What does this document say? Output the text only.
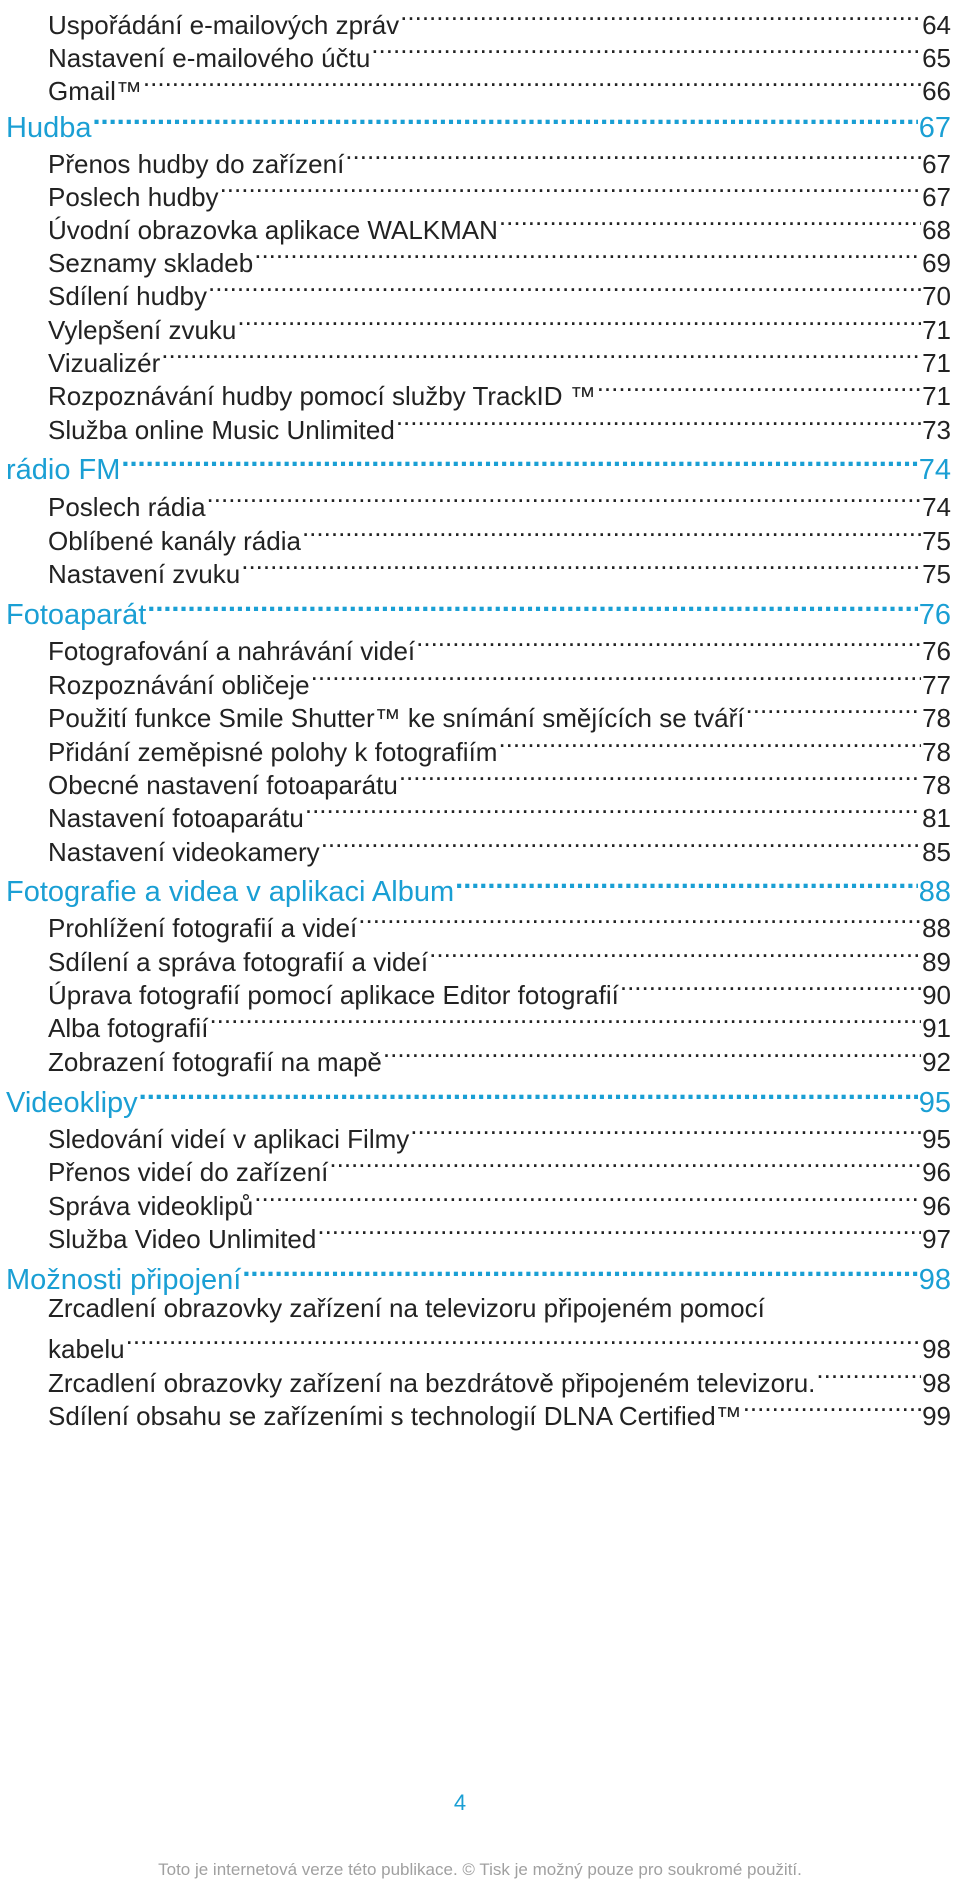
Uspořádání e-mailových zpráv .....	64
Nastavení e-mailového účtu .....	65
Gmail™ .....	66
Hudba .....	67
Přenos hudby do zařízení .....	67
Poslech hudby .....	67
Úvodní obrazovka aplikace WALKMAN .....	68
Seznamy skladeb .....	69
Sdílení hudby .....	70
Vylepšení zvuku .....	71
Vizualizér .....	71
Rozpoznávání hudby pomocí služby TrackID ™ .....	71
Služba online Music Unlimited .....	73
rádio FM .....	74
Poslech rádia .....	74
Oblíbené kanály rádia .....	75
Nastavení zvuku .....	75
Fotoaparát .....	76
Fotografování a nahrávání videí .....	76
Rozpoznávání obličeje .....	77
Použití funkce Smile Shutter™ ke snímání smějících se tváří .....	78
Přidání zeměpisné polohy k fotografiím .....	78
Obecné nastavení fotoaparátu .....	78
Nastavení fotoaparátu .....	81
Nastavení videokamery .....	85
Fotografie a videa v aplikaci Album .....	88
Prohlížení fotografií a videí .....	88
Sdílení a správa fotografií a videí .....	89
Úprava fotografií pomocí aplikace Editor fotografií .....	90
Alba fotografií .....	91
Zobrazení fotografií na mapě .....	92
Videoklipy .....	95
Sledování videí v aplikaci Filmy .....	95
Přenos videí do zařízení .....	96
Správa videoklipů .....	96
Služba Video Unlimited .....	97
Možnosti připojení .....	98
Zrcadlení obrazovky zařízení na televizoru připojeném pomocí
kabelu .....	98
Zrcadlení obrazovky zařízení na bezdrátově připojeném televizoru. .....	98
Sdílení obsahu se zařízeními s technologií DLNA Certified™ .....	99
4
Toto je internetová verze této publikace. © Tisk je možný pouze pro soukromé použití.
